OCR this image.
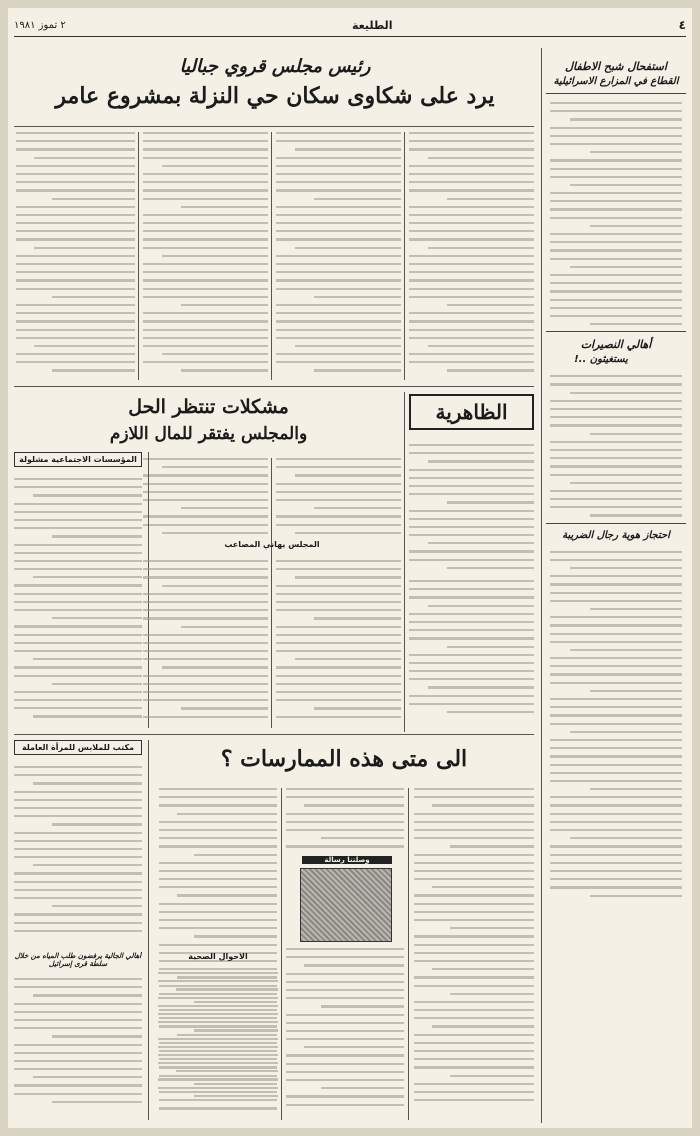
٤
الطليعة
٢ تموز ١٩٨١
استفحال شبح الاطفال
القطاع في المزارع الاسرائيلية
أهالي النصيرات
يستغيثون ..!
احتجاز هوية رجال الضريبة
رئيس مجلس قروي جباليا
يرد على شكاوى سكان حي النزلة بمشروع عامر
الظاهرية
مشكلات تنتظر الحل
والمجلس يفتقر للمال اللازم
المؤسسات الاجتماعية مشلولة
المجلس يهاني المصاعب
الى متى هذه الممارسات ؟
مكتب للملابس للمرأة العاملة
وصلتنا رسالة
أهالي الجالية يرفضون طلب المياه من خلال سلطة قرى إسرائيل
الاحوال الصحية
